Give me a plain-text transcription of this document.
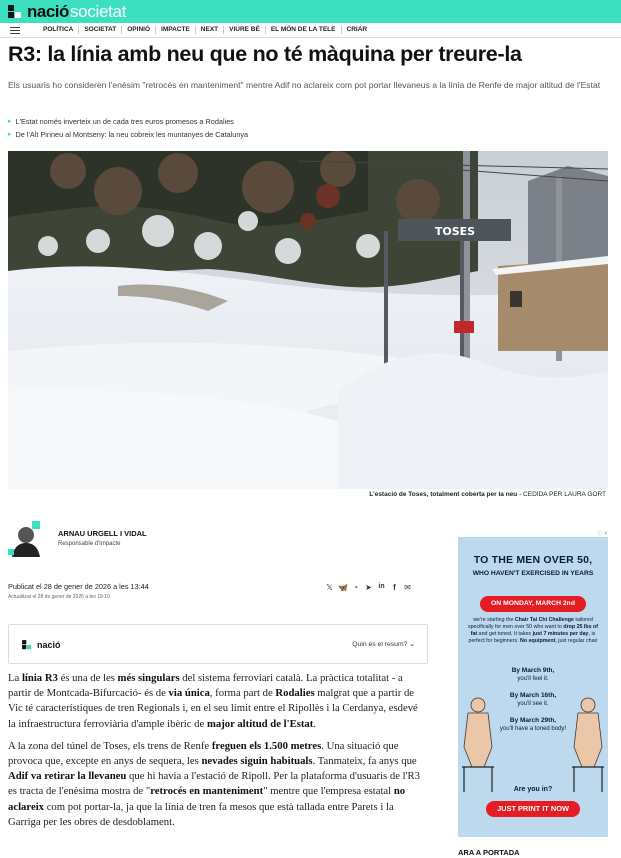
nació societat
POLÍTICA	SOCIETAT	OPINIÓ	IMPACTE	NEXT	VIURE BÉ	EL MÓN DE LA TELE	CRIAR
R3: la línia amb neu que no té màquina per treure-la
Els usuaris ho consideren l'enèsim "retrocés en manteniment" mentre Adif no aclareix com pot portar llevaneus a la línia de Renfe de major altitud de l'Estat
▸ L'Estat només inverteix un de cada tres euros promesos a Rodalies
▸ De l'Alt Pirineu al Montseny: la neu cobreix les muntanyes de Catalunya
TOSES
L'estació de Toses, totalment coberta per la neu - CEDIDA PER LAURA GORT
ARNAU URGELL I VIDAL
Responsable d'Impacte
Publicat el 28 de gener de 2026 a les 13:44
Actualitzat el 28 de gener de 2026 a les 18:10
𝕏 🦋 ◔ ➤ in	f	✉
nació	Quin és el resum? ⌄

La línia R3 és una de les més singulars del sistema ferroviari català. La pràctica totalitat - a partir de Montcada-Bifurcació- és de via única, forma part de Rodalies malgrat que a partir de Vic té característiques de tren Regionals i, en el seu límit entre el Ripollès i la Cerdanya, esdevé la infraestructura ferroviària d'ample ibèric de major altitud de l'Estat.

A la zona del túnel de Toses, els trens de Renfe freguen els 1.500 metres. Una situació que provoca que, excepte en anys de sequera, les nevades siguin habituals. Tanmateix, fa anys que Adif va retirar la llevaneu que hi havia a l'estació de Ripoll. Per la plataforma d'usuaris de l'R3 es tracta de l'enèsima mostra de "retrocés en manteniment" mentre que l'empresa estatal no aclareix com pot portar-la, ja que la línia de tren fa mesos que està tallada entre Parets i la Garriga per les obres de desdoblament.

ⓘ ✕
TO THE MEN OVER 50,
WHO HAVEN'T EXERCISED IN YEARS
ON MONDAY, MARCH 2nd
we're starting the Chair Tai Chi Challenge tailored specifically for men over 50 who want to drop 25 lbs of fat and get toned. It takes just 7 minutes per day, is perfect for beginners. No equipment, just regular chair
By March 9th,
you'll feel it.
By March 16th,
you'll see it.
By March 29th,
you'll have a toned body!
Are you in?
JUST PRINT IT NOW
ARA A PORTADA
